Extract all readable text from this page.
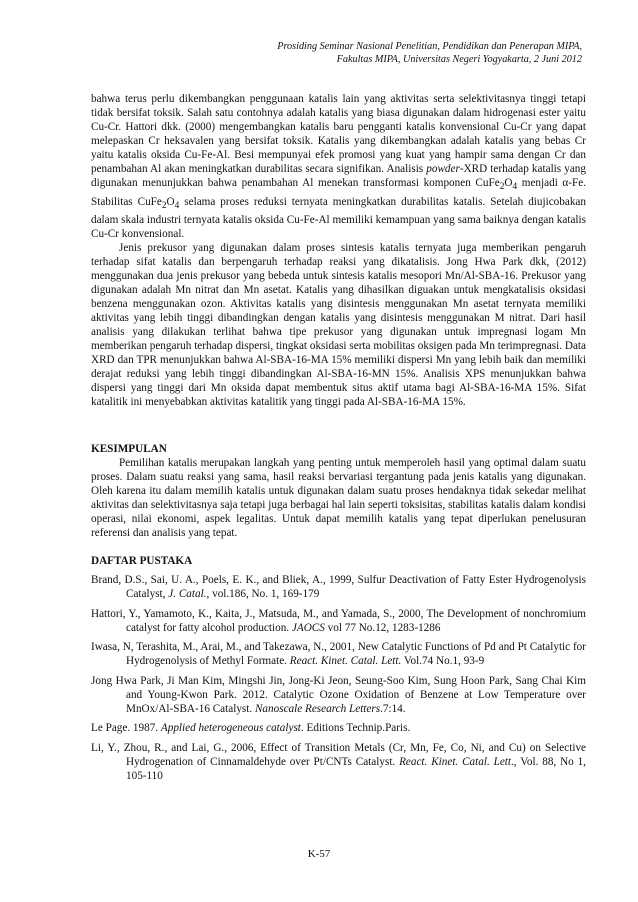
Prosiding Seminar Nasional Penelitian, Pendidikan dan Penerapan MIPA,
Fakultas MIPA, Universitas Negeri Yogyakarta, 2 Juni 2012

bahwa terus perlu dikembangkan penggunaan katalis lain yang aktivitas serta selektivitasnya tinggi tetapi tidak bersifat toksik. Salah satu contohnya adalah katalis yang biasa digunakan dalam hidrogenasi ester yaitu Cu-Cr. Hattori dkk. (2000) mengembangkan katalis baru pengganti katalis konvensional Cu-Cr yang dapat melepaskan Cr heksavalen yang bersifat toksik. Katalis yang dikembangkan adalah katalis yang bebas Cr yaitu katalis oksida Cu-Fe-Al. Besi mempunyai efek promosi yang kuat yang hampir sama dengan Cr dan penambahan Al akan meningkatkan durabilitas secara signifikan. Analisis powder-XRD terhadap katalis yang digunakan menunjukkan bahwa penambahan Al menekan transformasi komponen $CuFe_2O_4$ menjadi α-Fe. Stabilitas $CuFe_2O_4$ selama proses reduksi ternyata meningkatkan durabilitas katalis. Setelah diujicobakan dalam skala industri ternyata katalis oksida Cu-Fe-Al memiliki kemampuan yang sama baiknya dengan katalis Cu-Cr konvensional.

Jenis prekusor yang digunakan dalam proses sintesis katalis ternyata juga memberikan pengaruh terhadap sifat katalis dan berpengaruh terhadap reaksi yang dikatalisis. Jong Hwa Park dkk, (2012) menggunakan dua jenis prekusor yang bebeda untuk sintesis katalis mesopori Mn/Al-SBA-16. Prekusor yang digunakan adalah Mn nitrat dan Mn asetat. Katalis yang dihasilkan diguakan untuk mengkatalisis oksidasi benzena menggunakan ozon. Aktivitas katalis yang disintesis menggunakan Mn asetat ternyata memiliki aktivitas yang lebih tinggi dibandingkan dengan katalis yang disintesis menggunakan M nitrat. Dari hasil analisis yang dilakukan terlihat bahwa tipe prekusor yang digunakan untuk impregnasi logam Mn memberikan pengaruh terhadap dispersi, tingkat oksidasi serta mobilitas oksigen pada Mn terimpregnasi. Data XRD dan TPR menunjukkan bahwa Al-SBA-16-MA 15% memiliki dispersi Mn yang lebih baik dan memiliki derajat reduksi yang lebih tinggi dibandingkan Al-SBA-16-MN 15%. Analisis XPS menunjukkan bahwa dispersi yang tinggi dari Mn oksida dapat membentuk situs aktif utama bagi Al-SBA-16-MA 15%. Sifat katalitik ini menyebabkan aktivitas katalitik yang tinggi pada Al-SBA-16-MA 15%.

KESIMPULAN

Pemilihan katalis merupakan langkah yang penting untuk memperoleh hasil yang optimal dalam suatu proses. Dalam suatu reaksi yang sama, hasil reaksi bervariasi tergantung pada jenis katalis yang digunakan. Oleh karena itu dalam memilih katalis untuk digunakan dalam suatu proses hendaknya tidak sekedar melihat aktivitas dan selektivitasnya saja tetapi juga berbagai hal lain seperti toksisitas, stabilitas katalis dalam kondisi operasi, nilai ekonomi, aspek legalitas. Untuk dapat memilih katalis yang tepat diperlukan penelusuran referensi dan analisis yang tepat.

DAFTAR PUSTAKA

Brand, D.S., Sai, U. A., Poels, E. K., and Bliek, A., 1999, Sulfur Deactivation of Fatty Ester Hydrogenolysis Catalyst, J. Catal., vol.186, No. 1, 169-179

Hattori, Y., Yamamoto, K., Kaita, J., Matsuda, M., and Yamada, S., 2000, The Development of nonchromium catalyst for fatty alcohol production. JAOCS vol 77 No.12, 1283-1286

Iwasa, N, Terashita, M., Arai, M., and Takezawa, N., 2001, New Catalytic Functions of Pd and Pt Catalytic for Hydrogenolysis of Methyl Formate. React. Kinet. Catal. Lett. Vol.74 No.1, 93-9

Jong Hwa Park, Ji Man Kim, Mingshi Jin, Jong-Ki Jeon, Seung-Soo Kim, Sung Hoon Park, Sang Chai Kim and Young-Kwon Park. 2012. Catalytic Ozone Oxidation of Benzene at Low Temperature over MnOx/Al-SBA-16 Catalyst. Nanoscale Research Letters.7:14.

Le Page. 1987. Applied heterogeneous catalyst. Editions Technip.Paris.

Li, Y., Zhou, R., and Lai, G., 2006, Effect of Transition Metals (Cr, Mn, Fe, Co, Ni, and Cu) on Selective Hydrogenation of Cinnamaldehyde over Pt/CNTs Catalyst. React. Kinet. Catal. Lett., Vol. 88, No 1, 105-110

K-57
